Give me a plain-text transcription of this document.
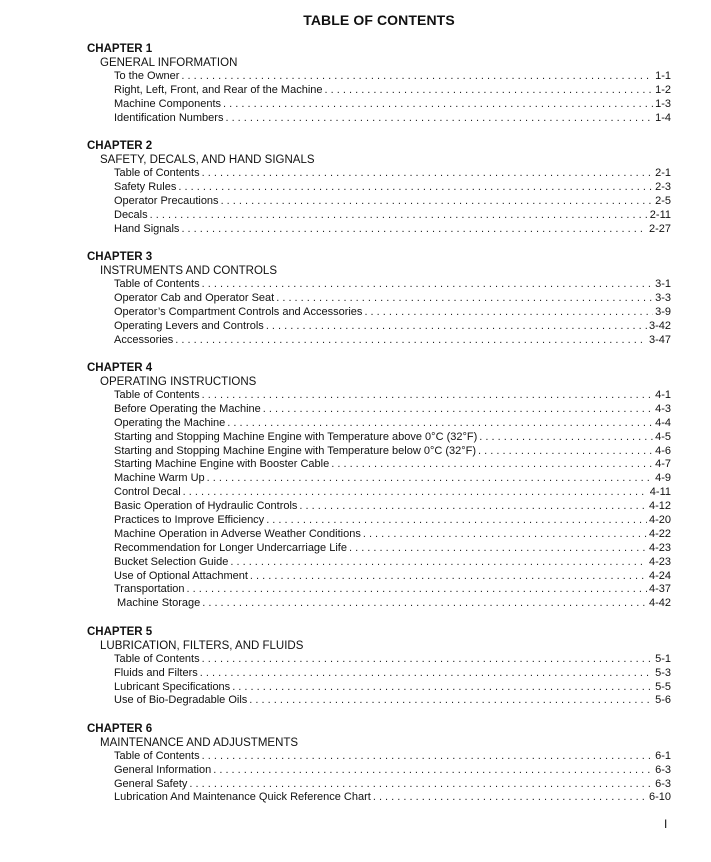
TABLE OF CONTENTS
CHAPTER 1
GENERAL INFORMATION
To the Owner . . .	1-1
Right, Left, Front, and Rear of the Machine . . .	1-2
Machine Components . . .	1-3
Identification Numbers . . .	1-4
CHAPTER 2
SAFETY, DECALS, AND HAND SIGNALS
Table of Contents . . .	2-1
Safety Rules . . .	2-3
Operator Precautions . . .	2-5
Decals . . .	2-11
Hand Signals . . .	2-27
CHAPTER 3
INSTRUMENTS AND CONTROLS
Table of Contents . . .	3-1
Operator Cab and Operator Seat . . .	3-3
Operator’s Compartment Controls and Accessories . . .	3-9
Operating Levers and Controls . . .	3-42
Accessories . . .	3-47
CHAPTER 4
OPERATING INSTRUCTIONS
Table of Contents . . .	4-1
Before Operating the Machine . . .	4-3
Operating the Machine . . .	4-4
Starting and Stopping Machine Engine with Temperature above 0°C (32°F) . . .	4-5
Starting and Stopping Machine Engine with Temperature below 0°C (32°F) . . .	4-6
Starting Machine Engine with Booster Cable . . .	4-7
Machine Warm Up . . .	4-9
Control Decal . . .	4-11
Basic Operation of Hydraulic Controls . . .	4-12
Practices to Improve Efficiency . . .	4-20
Machine Operation in Adverse Weather Conditions . . .	4-22
Recommendation for Longer Undercarriage Life . . .	4-23
Bucket Selection Guide . . .	4-23
Use of Optional Attachment . . .	4-24
Transportation . . .	4-37
Machine Storage . . .	4-42
CHAPTER 5
LUBRICATION, FILTERS, AND FLUIDS
Table of Contents . . .	5-1
Fluids and Filters . . .	5-3
Lubricant Specifications . . .	5-5
Use of Bio-Degradable Oils . . .	5-6
CHAPTER 6
MAINTENANCE AND ADJUSTMENTS
Table of Contents . . .	6-1
General Information . . .	6-3
General Safety . . .	6-3
Lubrication And Maintenance Quick Reference Chart . . .	6-10
I
